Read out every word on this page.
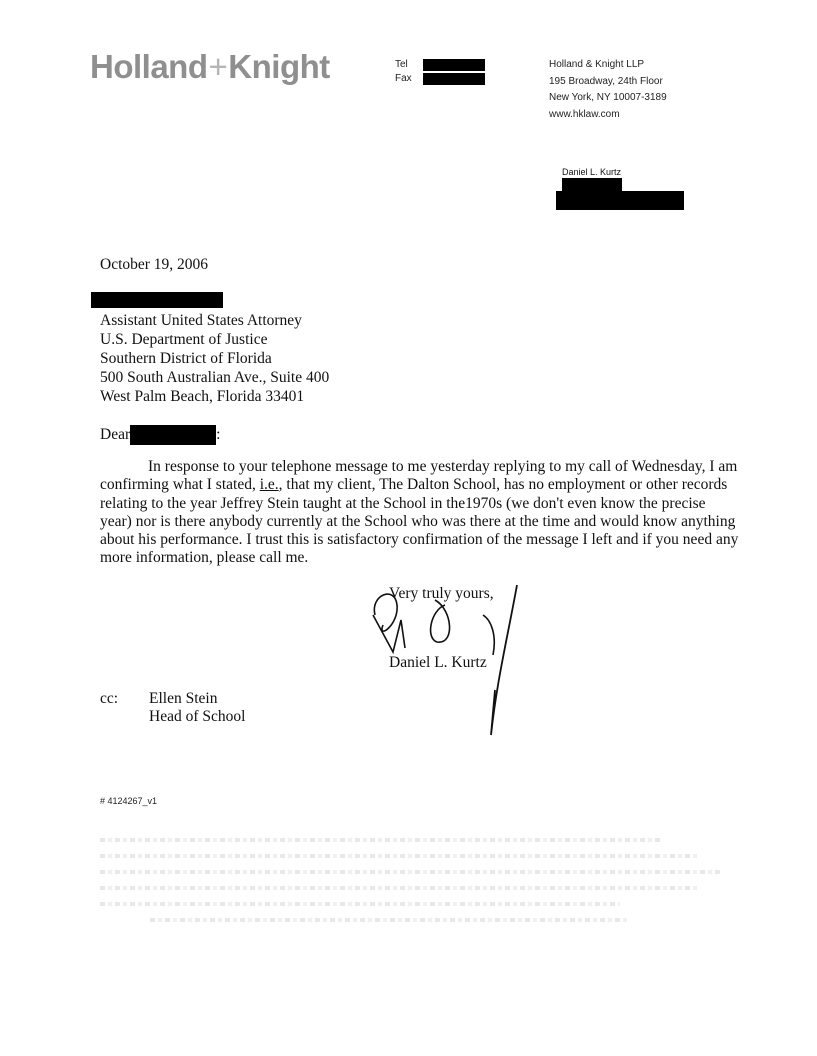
Holland+Knight	Tel
Fax
Holland & Knight LLP
195 Broadway, 24th Floor
New York, NY 10007-3189
www.hklaw.com
Daniel L. Kurtz
October 19, 2006
Assistant United States Attorney
U.S. Department of Justice
Southern District of Florida
500 South Australian Ave., Suite 400
West Palm Beach, Florida 33401
Dear	:

In response to your telephone message to me yesterday replying to my call of Wednesday, I am confirming what I stated, i.e., that my client, The Dalton School, has no employment or other records relating to the year Jeffrey Stein taught at the School in the1970s (we don't even know the precise year) nor is there anybody currently at the School who was there at the time and would know anything about his performance. I trust this is satisfactory confirmation of the message I left and if you need any more information, please call me.

Very truly yours,
Daniel L. Kurtz
cc:	Ellen Stein
Head of School
# 4124267_v1
